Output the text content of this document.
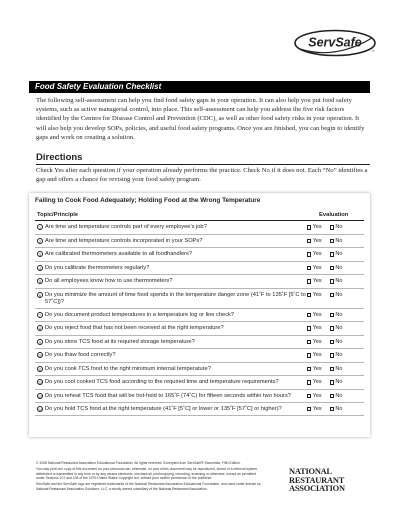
ServSafe
®
Food Safety Evaluation Checklist
The following self-assessment can help you find food safety gaps in your operation. It can also help you put food safety systems, such as active managerial control, into place. This self-assessment can help you address the five risk factors identified by the Centers for Disease Control and Prevention (CDC), as well as other food safety risks in your operation. It will also help you develop SOPs, policies, and useful food safety programs. Once you are finished, you can begin to identify gaps and work on creating a solution.
Directions
Check Yes after each question if your operation already performs the practice. Check No if it does not. Each “No” identifies a gap and offers a chance for revising your food safety program.
Failing to Cook Food Adequately; Holding Food at the Wrong Temperature
Topic/Principle	Evaluation
1 Are time and temperature controls part of every employee’s job?	Yes No
2 Are time and temperature controls incorporated in your SOPs?	Yes No
3 Are calibrated thermometers available to all foodhandlers?	Yes No
4 Do you calibrate thermometers regularly?	Yes No
5 Do all employees know how to use thermometers?	Yes No
6 Do you minimize the amount of time food spends in the temperature danger zone (41˚F to 135˚F [5˚C to 57˚C])?
Yes No
7 Do you document product temperatures in a temperature log or line check?	Yes No
8 Do you reject food that has not been received at the right temperature?	Yes No
9 Do you store TCS food at its required storage temperature?	Yes No
10 Do you thaw food correctly?	Yes No
11 Do you cook TCS food to the right minimum internal temperature?	Yes No
12 Do you cool cooked TCS food according to the required time and temperature requirements?	Yes No
13 Do you reheat TCS food that will be hot-held to 165˚F (74˚C) for fifteen seconds within two hours?	Yes No
14 Do you hold TCS food at the right temperature (41˚F [5˚C] or lower or 135˚F [57˚C] or higher)?	Yes No

© 2008 National Restaurant Association Educational Foundation. All rights reserved. Excerpted from ServSafe® Essentials, Fifth Edition.

You may print one copy of this document for your personal use; otherwise, no part of this document may be reproduced, stored in a retrieval system, distributed or transmitted in any form or by any means electronic, mechanical, photocopying, recording, scanning or otherwise, except as permitted under Sections 107 and 108 of the 1976 United States Copyright Act, without prior written permission of the publisher.

ServSafe and the ServSafe logo are registered trademarks of the National Restaurant Association Educational Foundation, and used under license by National Restaurant Association Solutions, LLC, a wholly owned subsidiary of the National Restaurant Association.

NATIONAL
RESTAURANT
ASSOCIATION
